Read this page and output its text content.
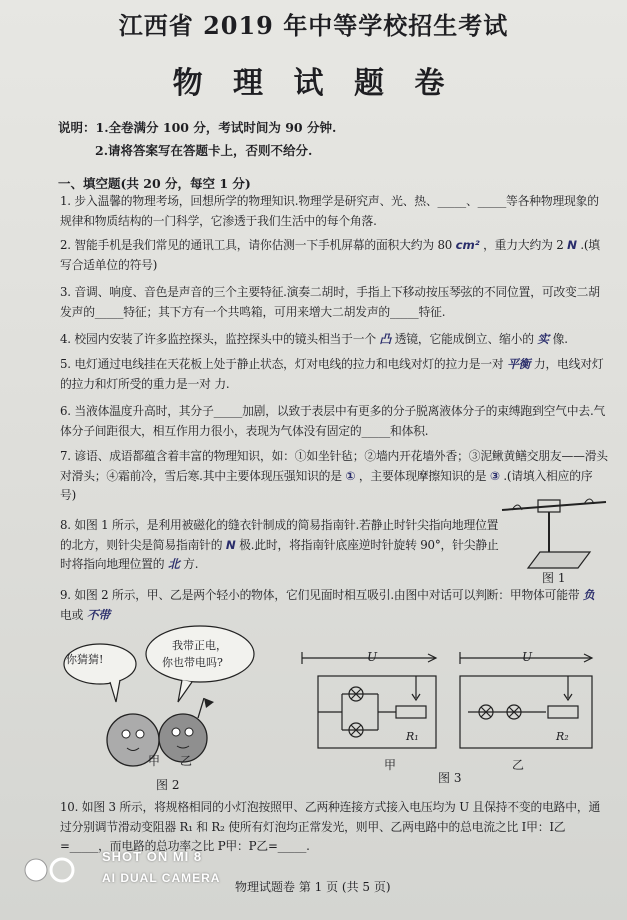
江西省 2019 年中等学校招生考试
物 理 试 题 卷
说明：1.全卷满分 100 分，考试时间为 90 分钟.
2.请将答案写在答题卡上，否则不给分.
一、填空题(共 20 分，每空 1 分)
1. 步入温馨的物理考场，回想所学的物理知识.物理学是研究声、光、热、_____、_____等各种物理现象的规律和物质结构的一门科学，它渗透于我们生活中的每个角落.
2. 智能手机是我们常见的通讯工具，请你估测一下手机屏幕的面积大约为 80 cm² ，重力大约为 2 N .(填写合适单位的符号)
3. 音调、响度、音色是声音的三个主要特征.演奏二胡时，手指上下移动按压琴弦的不同位置，可改变二胡发声的_____特征；其下方有一个共鸣箱，可用来增大二胡发声的_____特征.
4. 校园内安装了许多监控探头，监控探头中的镜头相当于一个 凸 透镜，它能成倒立、缩小的 实 像.
5. 电灯通过电线挂在天花板上处于静止状态，灯对电线的拉力和电线对灯的拉力是一对 平衡 力，电线对灯的拉力和灯所受的重力是一对 力.
6. 当液体温度升高时，其分子_____加剧，以致于表层中有更多的分子脱离液体分子的束缚跑到空气中去.气体分子间距很大，相互作用力很小，表现为气体没有固定的_____和体积.
7. 谚语、成语都蕴含着丰富的物理知识，如：①如坐针毡；②墙内开花墙外香；③泥鳅黄鳝交朋友——滑头对滑头；④霜前冷，雪后寒.其中主要体现压强知识的是 ① ，主要体现摩擦知识的是 ③ .(请填入相应的序号)
8. 如图 1 所示，是利用被磁化的缝衣针制成的简易指南针.若静止时针尖指向地理位置的北方，则针尖是简易指南针的 N 极.此时，将指南针底座逆时针旋转 90°，针尖静止时将指向地理位置的 北 方.
9. 如图 2 所示，甲、乙是两个轻小的物体，它们见面时相互吸引.由图中对话可以判断：甲物体可能带 负 电或 不带
图 1
你猜猜!
我带正电，
你也带电吗?
甲 乙
图 2
U	U
R₁	R₂
甲	乙
图 3
10. 如图 3 所示，将规格相同的小灯泡按照甲、乙两种连接方式接入电压均为 U 且保持不变的电路中，通过分别调节滑动变阻器 R₁ 和 R₂ 使所有灯泡均正常发光，则甲、乙两电路中的总电流之比 I甲：I乙=_____，而电路的总功率之比 P甲：P乙=_____.
物理试题卷 第 1 页 (共 5 页)
SHOT ON MI 8
AI DUAL CAMERA
